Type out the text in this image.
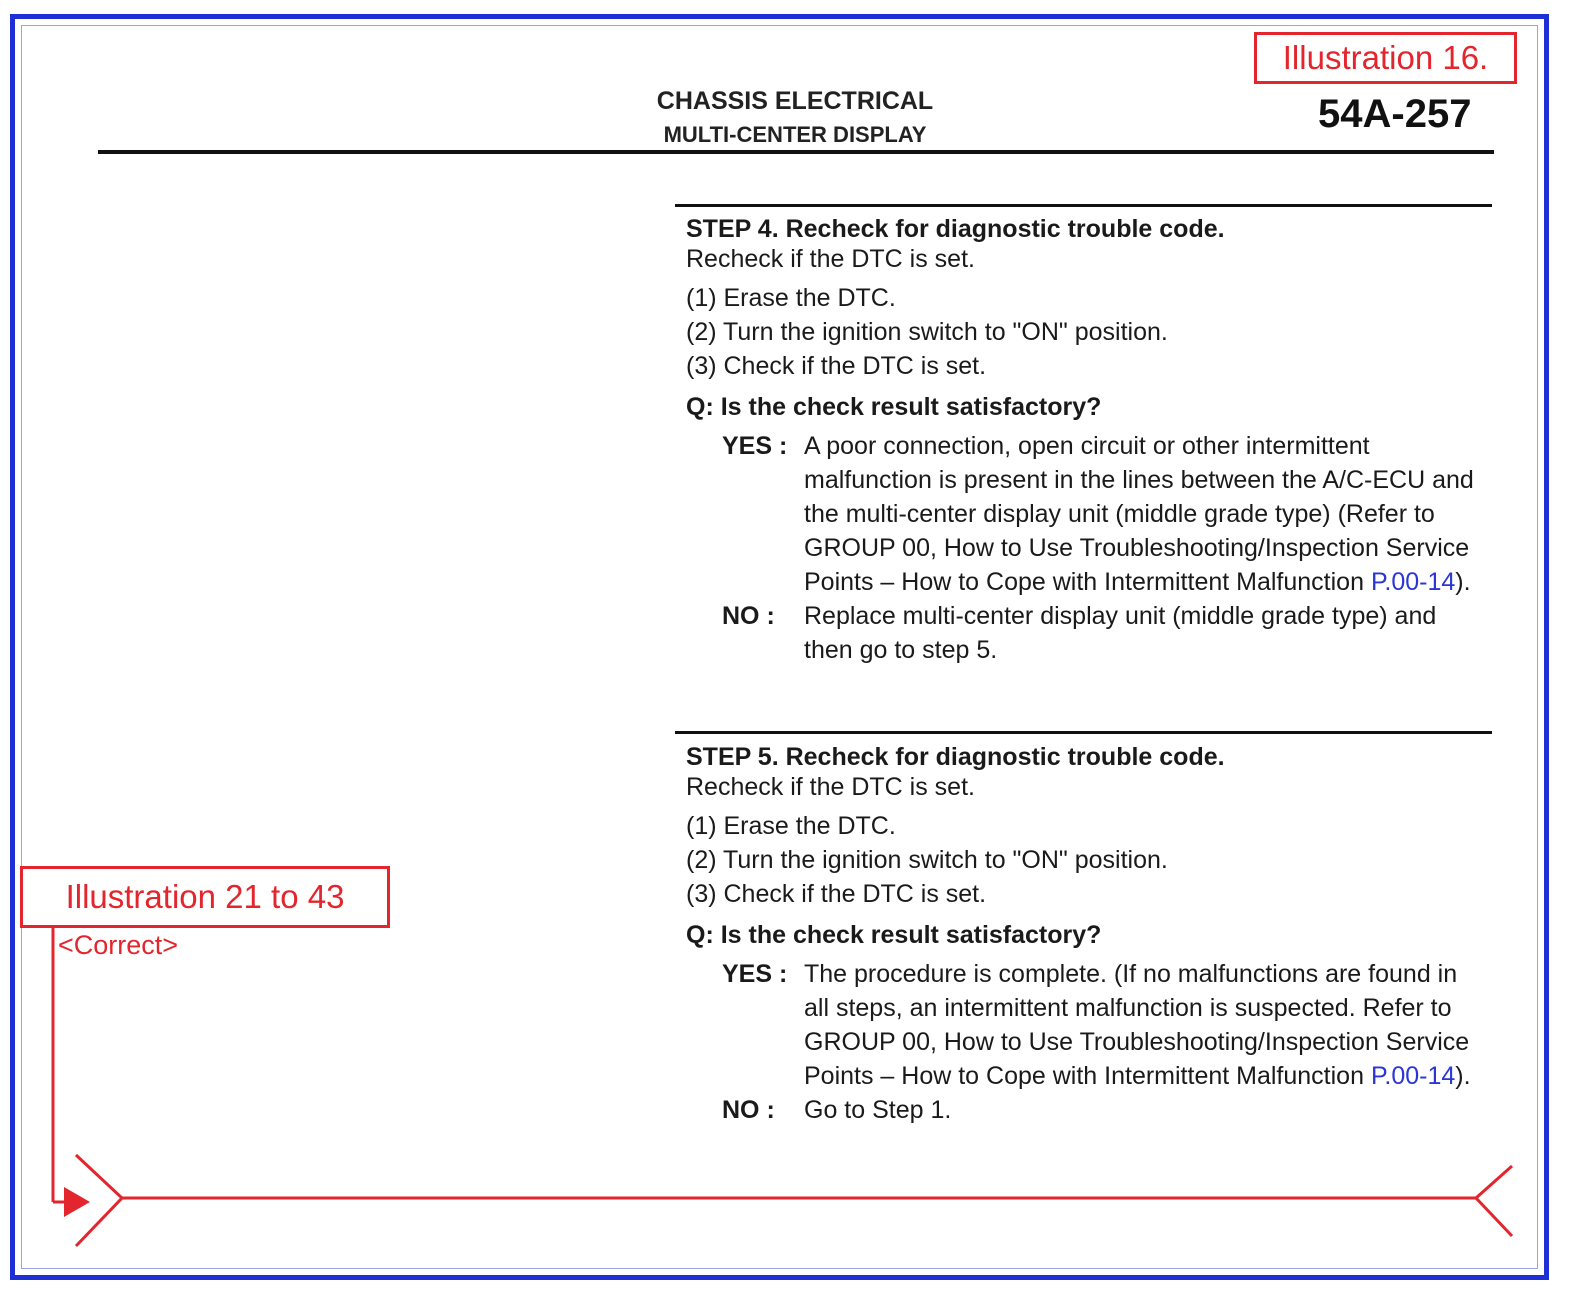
Illustration 16.
CHASSIS ELECTRICAL
MULTI-CENTER DISPLAY	54A-257
STEP 4. Recheck for diagnostic trouble code.
Recheck if the DTC is set.
(1) Erase the DTC.
(2) Turn the ignition switch to "ON" position.
(3) Check if the DTC is set.
Q: Is the check result satisfactory?
YES : A poor connection, open circuit or other intermittent malfunction is present in the lines between the A/C-ECU and the multi-center display unit (middle grade type) (Refer to GROUP 00, How to Use Troubleshooting/Inspection Service Points – How to Cope with Intermittent Malfunction P.00-14).
NO :	Replace multi-center display unit (middle grade type) and then go to step 5.
STEP 5. Recheck for diagnostic trouble code.
Recheck if the DTC is set.
(1) Erase the DTC.
(2) Turn the ignition switch to "ON" position.
(3) Check if the DTC is set.
Q: Is the check result satisfactory?
YES : The procedure is complete. (If no malfunctions are found in all steps, an intermittent malfunction is suspected. Refer to GROUP 00, How to Use Troubleshooting/Inspection Service Points – How to Cope with Intermittent Malfunction P.00-14).
NO :	Go to Step 1.
Illustration 21 to 43
<Correct>
